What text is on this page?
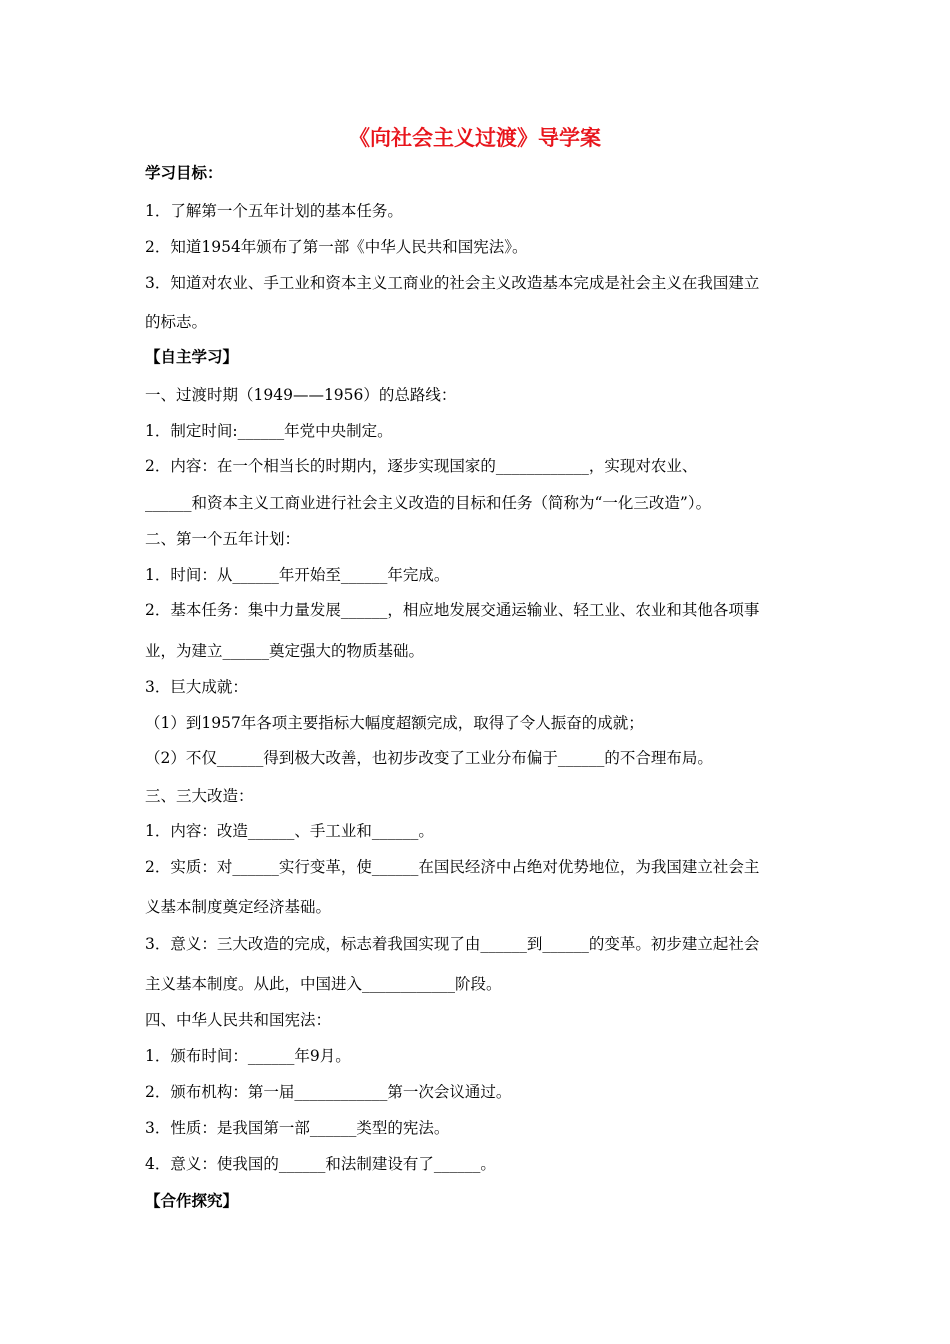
《向社会主义过渡》导学案
学习目标：
1．了解第一个五年计划的基本任务。
2．知道1954年颁布了第一部《中华人民共和国宪法》。
3．知道对农业、手工业和资本主义工商业的社会主义改造基本完成是社会主义在我国建立
的标志。
【自主学习】
一、过渡时期（1949——1956）的总路线：
1．制定时间:______年党中央制定。
2．内容：在一个相当长的时期内，逐步实现国家的____________，实现对农业、
______和资本主义工商业进行社会主义改造的目标和任务（简称为“一化三改造”）。
二、第一个五年计划：
1．时间：从______年开始至______年完成。
2．基本任务：集中力量发展______，相应地发展交通运输业、轻工业、农业和其他各项事
业，为建立______奠定强大的物质基础。
3．巨大成就：
（1）到1957年各项主要指标大幅度超额完成，取得了令人振奋的成就；
（2）不仅______得到极大改善，也初步改变了工业分布偏于______的不合理布局。
三、三大改造：
1．内容：改造______、手工业和______。
2．实质：对______实行变革，使______在国民经济中占绝对优势地位，为我国建立社会主
义基本制度奠定经济基础。
3．意义：三大改造的完成，标志着我国实现了由______到______的变革。初步建立起社会
主义基本制度。从此，中国进入____________阶段。
四、中华人民共和国宪法：
1．颁布时间：______年9月。
2．颁布机构：第一届____________第一次会议通过。
3．性质：是我国第一部______类型的宪法。
4．意义：使我国的______和法制建设有了______。
【合作探究】
